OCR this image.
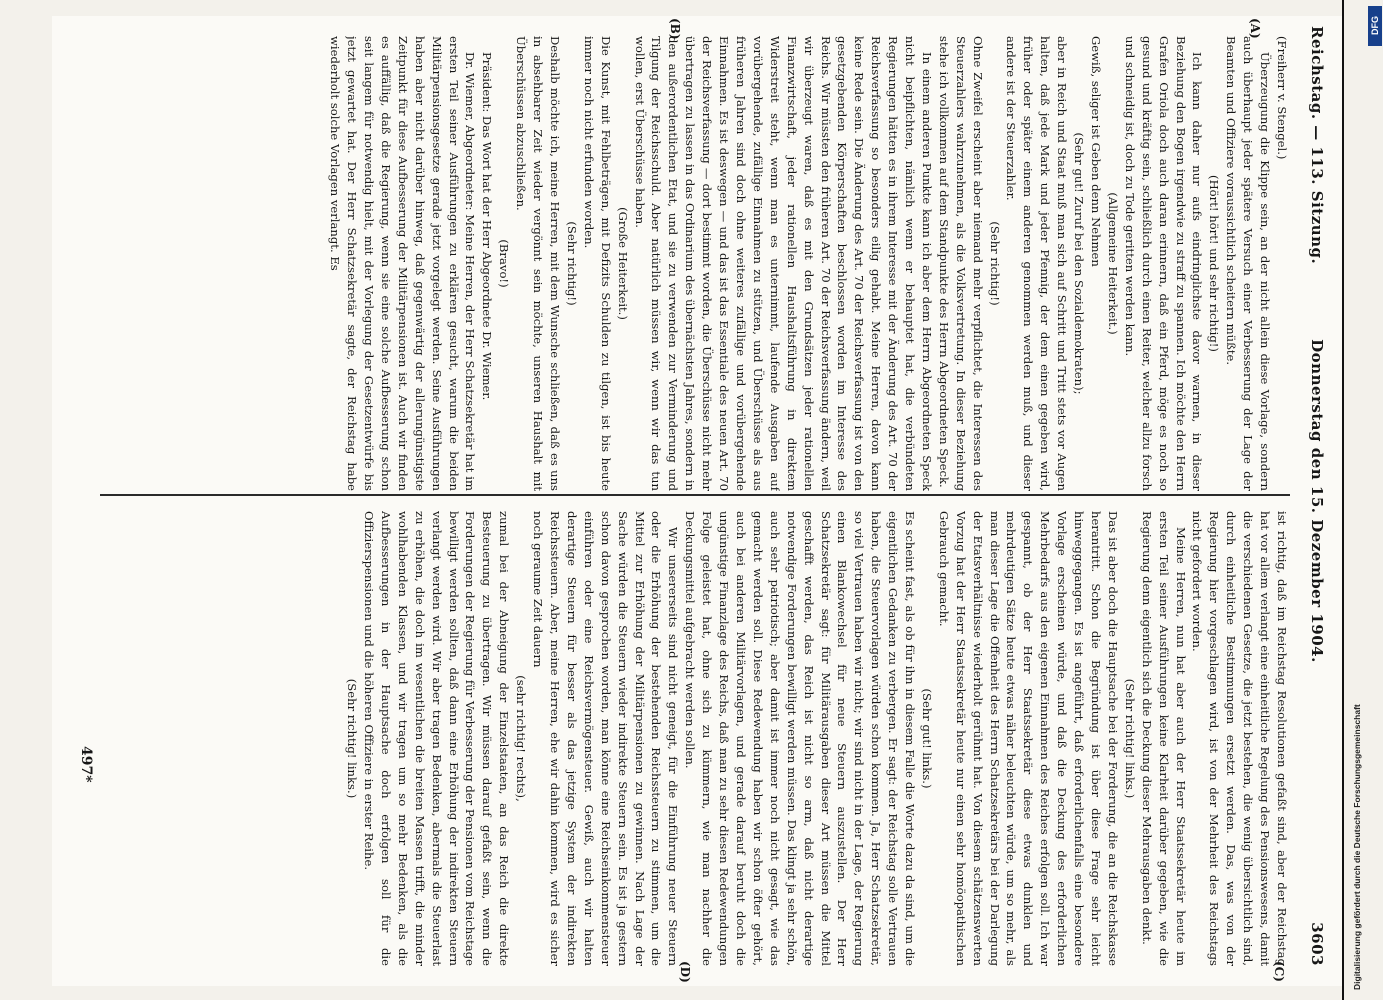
Reichstag. — 113. Sitzung.
Donnerstag den 15. Dezember 1904.
3603
(A)
(B)
(C)
(D)

(Freiherr v. Stengel.)

Überzeugung die Klippe sein, an der nicht allein diese Vorlage, sondern auch überhaupt jeder spätere Versuch einer Verbesserung der Lage der Beamten und Offiziere voraussichtlich scheitern müßte.

(Hört! hört! und sehr richtig!)

Ich kann daher nur aufs eindringlichste davor warnen, in dieser Beziehung den Bogen irgendwie zu straff zu spannen. Ich möchte den Herrn Grafen Oriola doch auch daran erinnern, daß ein Pferd, möge es noch so gesund und kräftig sein, schließlich durch einen Reiter, welcher allzu forsch und schneidig ist, doch zu Tode geritten werden kann.

(Allgemeine Heiterkeit.)

Gewiß, seliger ist Geben denn Nehmen

(Sehr gut! Zuruf bei den Sozialdemokraten);

aber in Reich und Staat muß man sich auf Schritt und Tritt stets vor Augen halten, daß jede Mark und jeder Pfennig, der dem einen gegeben wird, früher oder später einem anderen genommen werden muß, und dieser andere ist der Steuerzahler.

(Sehr richtig!)

Ohne Zweifel erscheint aber niemand mehr verpflichtet, die Interessen des Steuerzahlers wahrzunehmen, als die Volksvertretung. In dieser Beziehung stehe ich vollkommen auf dem Standpunkte des Herrn Abgeordneten Speck.

In einem anderen Punkte kann ich aber dem Herrn Abgeordneten Speck nicht beipflichten, nämlich wenn er behauptet hat, die verbündeten Regierungen hätten es in ihrem Interesse mit der Änderung des Art. 70 der Reichsverfassung so besonders eilig gehabt. Meine Herren, davon kann keine Rede sein. Die Änderung des Art. 70 der Reichsverfassung ist von den gesetzgebenden Körperschaften beschlossen worden im Interesse des Reichs. Wir müssten den früheren Art. 70 der Reichsverfassung ändern, weil wir überzeugt waren, daß es mit den Grundsätzen jeder rationellen Finanzwirtschaft, jeder rationellen Haushaltsführung in direktem Widerstreit steht, wenn man es unternimmt, laufende Ausgaben auf vorübergehende, zufällige Einnahmen zu stützen, und Überschüsse als aus früheren Jahren sind doch ohne weiteres zufällige und vorübergehende Einnahmen. Es ist deswegen — und das ist das Essentiale des neuen Art. 70 der Reichsverfassung — dort bestimmt worden, die Überschüsse nicht mehr übertragen zu lassen in das Ordinarium des übernächsten Jahres, sondern in den außerordentlichen Etat, und sie zu verwenden zur Verminderung und Tilgung der Reichsschuld. Aber natürlich müssen wir, wenn wir das tun wollen, erst Überschüsse haben.

(Große Heiterkeit.)

Die Kunst, mit Fehlbeträgen, mit Defizits Schulden zu tilgen, ist bis heute immer noch nicht erfunden worden.

(Sehr richtig!)

Deshalb möchte ich, meine Herren, mit dem Wunsche schließen, daß es uns in absehbarer Zeit wieder vergönnt sein möchte, unseren Haushalt mit Überschüssen abzuschließen.

(Bravo!)

Präsident: Das Wort hat der Herr Abgeordnete Dr. Wiemer.

Dr. Wiemer, Abgeordneter: Meine Herren, der Herr Schatzsekretär hat im ersten Teil seiner Ausführungen zu erklären gesucht, warum die beiden Militärpensionsgesetze gerade jetzt vorgelegt werden. Seine Ausführungen haben aber nicht darüber hinweg, daß gegenwärtig der allerungünstigste Zeitpunkt für diese Aufbesserung der Militärpensionen ist. Auch wir finden es auffällig, daß die Regierung, wenn sie eine solche Aufbesserung schon seit langem für notwendig hielt, mit der Vorlegung der Gesetzentwürfe bis jetzt gewartet hat. Der Herr Schatzsekretär sagte, der Reichstag habe wiederholt solche Vorlagen verlangt. Es

ist richtig, daß im Reichstag Resolutionen gefaßt sind, aber der Reichstag hat vor allem verlangt eine einheitliche Regelung des Pensionswesens, damit die verschiedenen Gesetze, die jetzt bestehen, die wenig übersichtlich sind, durch einheitliche Bestimmungen ersetzt werden. Das, was von der Regierung hier vorgeschlagen wird, ist von der Mehrheit des Reichstags nicht gefordert worden.

Meine Herren, nun hat aber auch der Herr Staatssekretär heute im ersten Teil seiner Ausführungen keine Klarheit darüber gegeben, wie die Regierung denn eigentlich sich die Deckung dieser Mehrausgaben denkt.

(Sehr richtig! links.)

Das ist aber doch die Hauptsache bei der Forderung, die an die Reichskasse herantritt. Schon die Begründung ist über diese Frage sehr leicht hinweggegangen. Es ist angeführt, daß erforderlichenfalls eine besondere Vorlage erscheinen würde, und daß die Deckung des erforderlichen Mehrbedarfs aus den eigenen Einnahmen des Reiches erfolgen soll. Ich war gespannt, ob der Herr Staatssekretär diese etwas dunklen und mehrdeutigen Sätze heute etwas näher beleuchten würde, um so mehr, als man dieser Lage die Offenheit des Herrn Schatzsekretärs bei der Darlegung der Etatsverhältnisse wiederholt gerühmt hat. Von diesem schätzenswerten Vorzug hat der Herr Staatssekretär heute nur einen sehr homöopathischen Gebrauch gemacht.

(Sehr gut! links.)

Es scheint fast, als ob für ihn in diesem Falle die Worte dazu da sind, um die eigentlichen Gedanken zu verbergen. Er sagt: der Reichstag solle Vertrauen haben, die Steuervorlagen würden schon kommen. Ja, Herr Schatzsekretär, so viel Vertrauen haben wir nicht; wir sind nicht in der Lage, der Regierung einen Blankowechsel für neue Steuern auszustellen. Der Herr Schatzsekretär sagt: für Militärausgaben dieser Art müssen die Mittel geschafft werden, das Reich ist nicht so arm, daß nicht derartige notwendige Forderungen bewilligt werden müssen. Das klingt ja sehr schön, auch sehr patriotisch; aber damit ist immer noch nicht gesagt, wie das gemacht werden soll. Diese Redewendung haben wir schon öfter gehört, auch bei anderen Militärvorlagen, und gerade darauf beruht doch die ungünstige Finanzlage des Reichs, daß man zu sehr diesen Redewendungen Folge geleistet hat, ohne sich zu kümmern, wie man nachher die Deckungsmittel aufgebracht werden sollen.

Wir unsererseits sind nicht geneigt, für die Einführung neuer Steuern oder die Erhöhung der bestehenden Reichssteuern zu stimmen, um die Mittel zur Erhöhung der Militärpensionen zu gewinnen. Nach Lage der Sache würden die Steuern wieder indirekte Steuern sein. Es ist ja gestern schon davon gesprochen worden, man könne eine Reichseinkommensteuer einführen oder eine Reichsvermögensteuer. Gewiß, auch wir halten derartige Steuern für besser als das jetzige System der indirekten Reichssteuern. Aber, meine Herren, ehe wir dahin kommen, wird es sicher noch geraume Zeit dauern

(sehr richtig! rechts),

zumal bei der Abneigung der Einzelstaaten, an das Reich die direkte Besteuerung zu übertragen. Wir müssen darauf gefaßt sein, wenn die Forderungen der Regierung für Verbesserung der Pensionen vom Reichstage bewilligt werden sollten, daß dann eine Erhöhung der indirekten Steuern verlangt werden wird. Wir aber tragen Bedenken, abermals die Steuerlast zu erhöhen, die doch im wesentlichen die breiten Massen trifft, die minder wohlhabenden Klassen, und wir tragen um so mehr Bedenken, als die Aufbesserungen in der Hauptsache doch erfolgen soll für die Offizierspensionen und die höheren Offiziere in erster Reihe.

(Sehr richtig! links.)

497*	Digitalisierung gefördert durch die Deutsche Forschungsgemeinschaft
DFG
